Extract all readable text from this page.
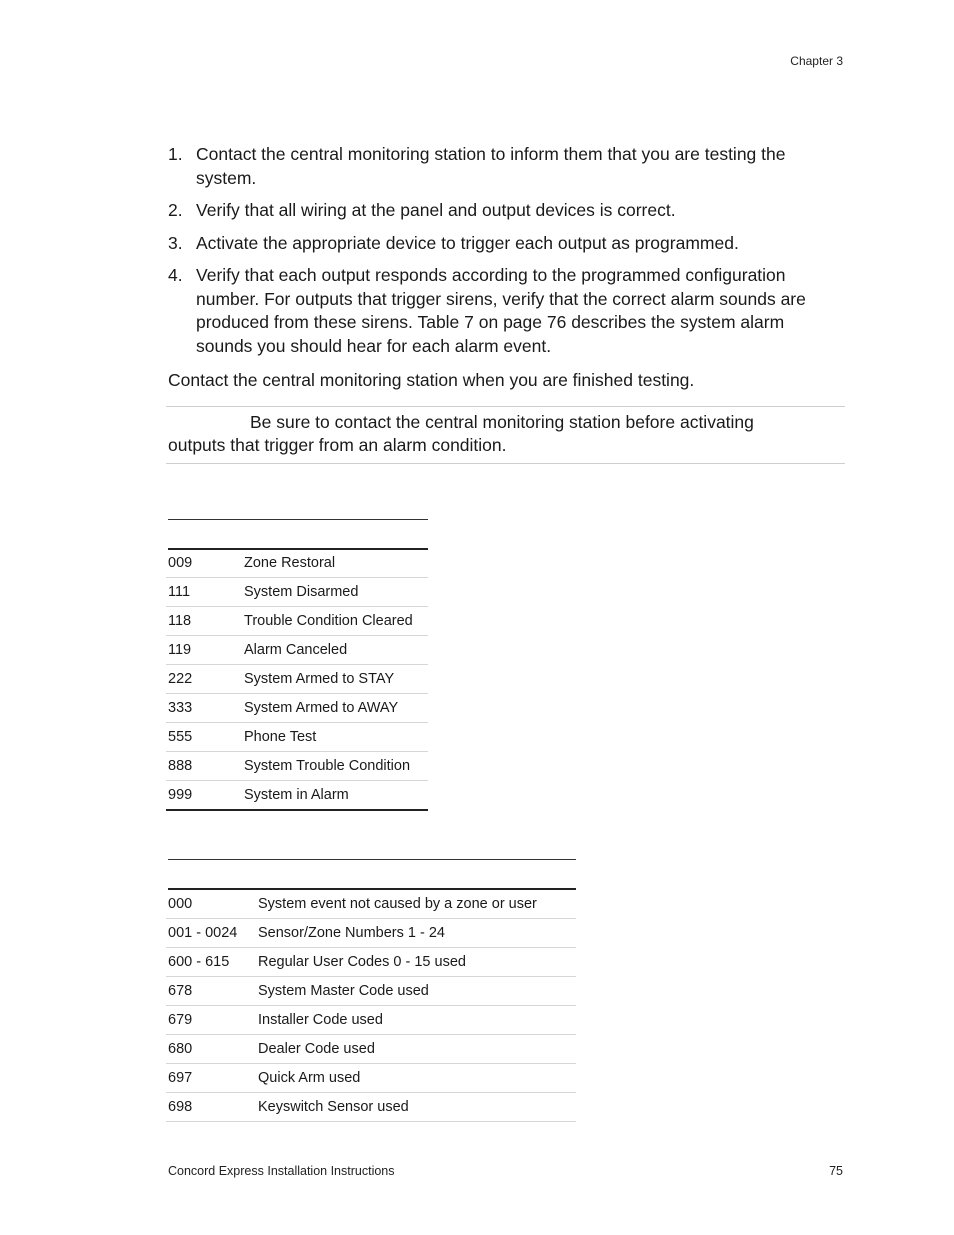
Chapter 3
1. Contact the central monitoring station to inform them that you are testing the system.
2. Verify that all wiring at the panel and output devices is correct.
3. Activate the appropriate device to trigger each output as programmed.
4. Verify that each output responds according to the programmed configuration number. For outputs that trigger sirens, verify that the correct alarm sounds are produced from these sirens. Table 7 on page 76 describes the system alarm sounds you should hear for each alarm event.
Contact the central monitoring station when you are finished testing.
Be sure to contact the central monitoring station before activating outputs that trigger from an alarm condition.
009	Zone Restoral
111	System Disarmed
118	Trouble Condition Cleared
119	Alarm Canceled
222	System Armed to STAY
333	System Armed to AWAY
555	Phone Test
888	System Trouble Condition
999	System in Alarm
000	System event not caused by a zone or user
001 - 0024	Sensor/Zone Numbers 1 - 24
600 - 615	Regular User Codes 0 - 15 used
678	System Master Code used
679	Installer Code used
680	Dealer Code used
697	Quick Arm used
698	Keyswitch Sensor used
Concord Express Installation Instructions	75
